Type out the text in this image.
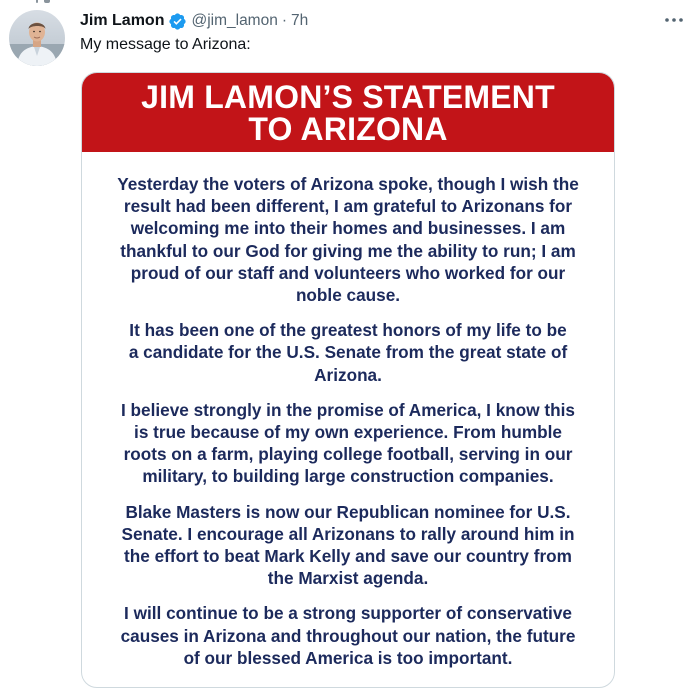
Jim Lamon @jim_lamon · 7h
My message to Arizona:
JIM LAMON’S STATEMENT
TO ARIZONA

Yesterday the voters of Arizona spoke, though I wish the
result had been different, I am grateful to Arizonans for
welcoming me into their homes and businesses. I am
thankful to our God for giving me the ability to run; I am
proud of our staff and volunteers who worked for our
noble cause.

It has been one of the greatest honors of my life to be
a candidate for the U.S. Senate from the great state of
Arizona.

I believe strongly in the promise of America, I know this
is true because of my own experience. From humble
roots on a farm, playing college football, serving in our
military, to building large construction companies.

Blake Masters is now our Republican nominee for U.S.
Senate. I encourage all Arizonans to rally around him in
the effort to beat Mark Kelly and save our country from
the Marxist agenda.

I will continue to be a strong supporter of conservative
causes in Arizona and throughout our nation, the future
of our blessed America is too important.
